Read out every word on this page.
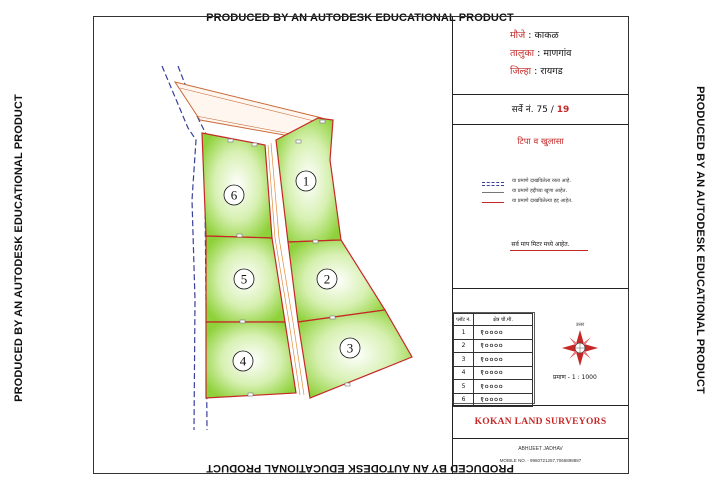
PRODUCED BY AN AUTODESK EDUCATIONAL PRODUCT
PRODUCED BY AN AUTODESK EDUCATIONAL PRODUCT
PRODUCED BY AN AUTODESK EDUCATIONAL PRODUCT	PRODUCED BY AN AUTODESK EDUCATIONAL PRODUCT
मौजे : काकळ
तालुका : माणगांव
जिल्हा : रायगड
सर्वे नं. 75 / 19
टिपा व खुलासा
या प्रमाणे दाखविलेला रस्ता आहे.
या प्रमाणे हद्दीच्या खुणा आहेत.
या प्रमाणे दाखविलेल्या हद्द आहेत.
सर्व माप मिटर मध्ये आहेत.
प्लॉट नं.	क्षेत्र चौ.मी.
1	१००००
2	१००००
3	१००००
4	१००००
5	१००००
6	१००००
प्रमाण - 1 : 1000
KOKAN LAND SURVEYORS
ABHIJEET JADHAV
MOBILE NO. - 9960721257,7066898887
6
1
5	2
4
3
उत्तर
